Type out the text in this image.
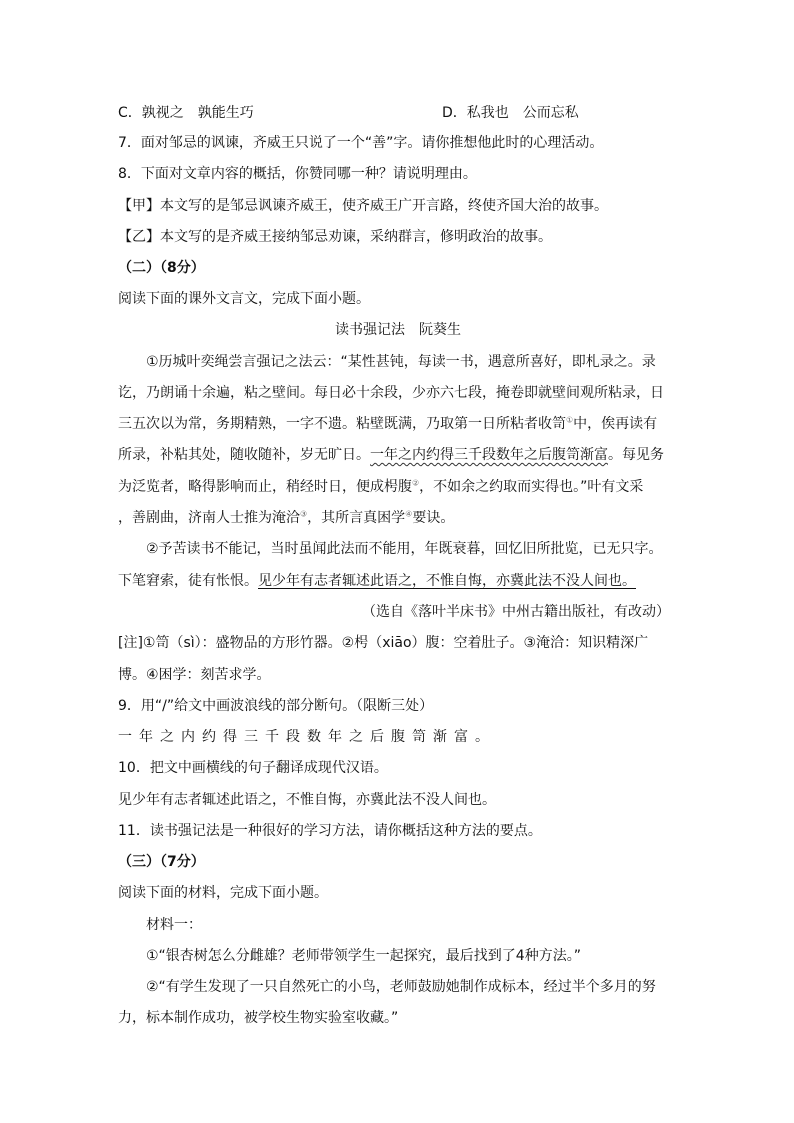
C．孰视之　孰能生巧	D．私我也　公而忘私
7．面对邹忌的讽谏，齐威王只说了一个“善”字。请你推想他此时的心理活动。
8．下面对文章内容的概括，你赞同哪一种？请说明理由。
【甲】本文写的是邹忌讽谏齐威王，使齐威王广开言路，终使齐国大治的故事。
【乙】本文写的是齐威王接纳邹忌劝谏，采纳群言，修明政治的故事。
（二）（8分）
阅读下面的课外文言文，完成下面小题。
读书强记法　阮葵生
①历城叶奕绳尝言强记之法云：“某性甚钝，每读一书，遇意所喜好，即札录之。录
讫，乃朗诵十余遍，粘之壁间。每日必十余段，少亦六七段，掩卷即就壁间观所粘录，日
三五次以为常，务期精熟，一字不遗。粘壁既满，乃取第一日所粘者收笥①中，俟再读有
所录，补粘其处，随收随补，岁无旷日。一年之内约得三千段数年之后腹笥渐富。每见务
为泛览者，略得影响而止，稍经时日，便成枵腹②，不如余之约取而实得也。”叶有文采
，善剧曲，济南人士推为淹洽③，其所言真困学④要诀。
②予苦读书不能记，当时虽闻此法而不能用，年既衰暮，回忆旧所批览，已无只字。
下笔窘索，徒有怅恨。见少年有志者辄述此语之，不惟自悔，亦冀此法不没人间也。
（选自《落叶半床书》中州古籍出版社，有改动）
[注]①笥（sì）：盛物品的方形竹器。②枵（xiāo）腹：空着肚子。③淹洽：知识精深广
博。④困学：刻苦求学。
9．用“/”给文中画波浪线的部分断句。（限断三处）
一年之内约得三千段数年之后腹笥渐富。
10．把文中画横线的句子翻译成现代汉语。
见少年有志者辄述此语之，不惟自悔，亦冀此法不没人间也。
11．读书强记法是一种很好的学习方法，请你概括这种方法的要点。
（三）（7分）
阅读下面的材料，完成下面小题。
材料一：
①“银杏树怎么分雌雄？老师带领学生一起探究，最后找到了4种方法。”
②“有学生发现了一只自然死亡的小鸟，老师鼓励她制作成标本，经过半个多月的努
力，标本制作成功，被学校生物实验室收藏。”
